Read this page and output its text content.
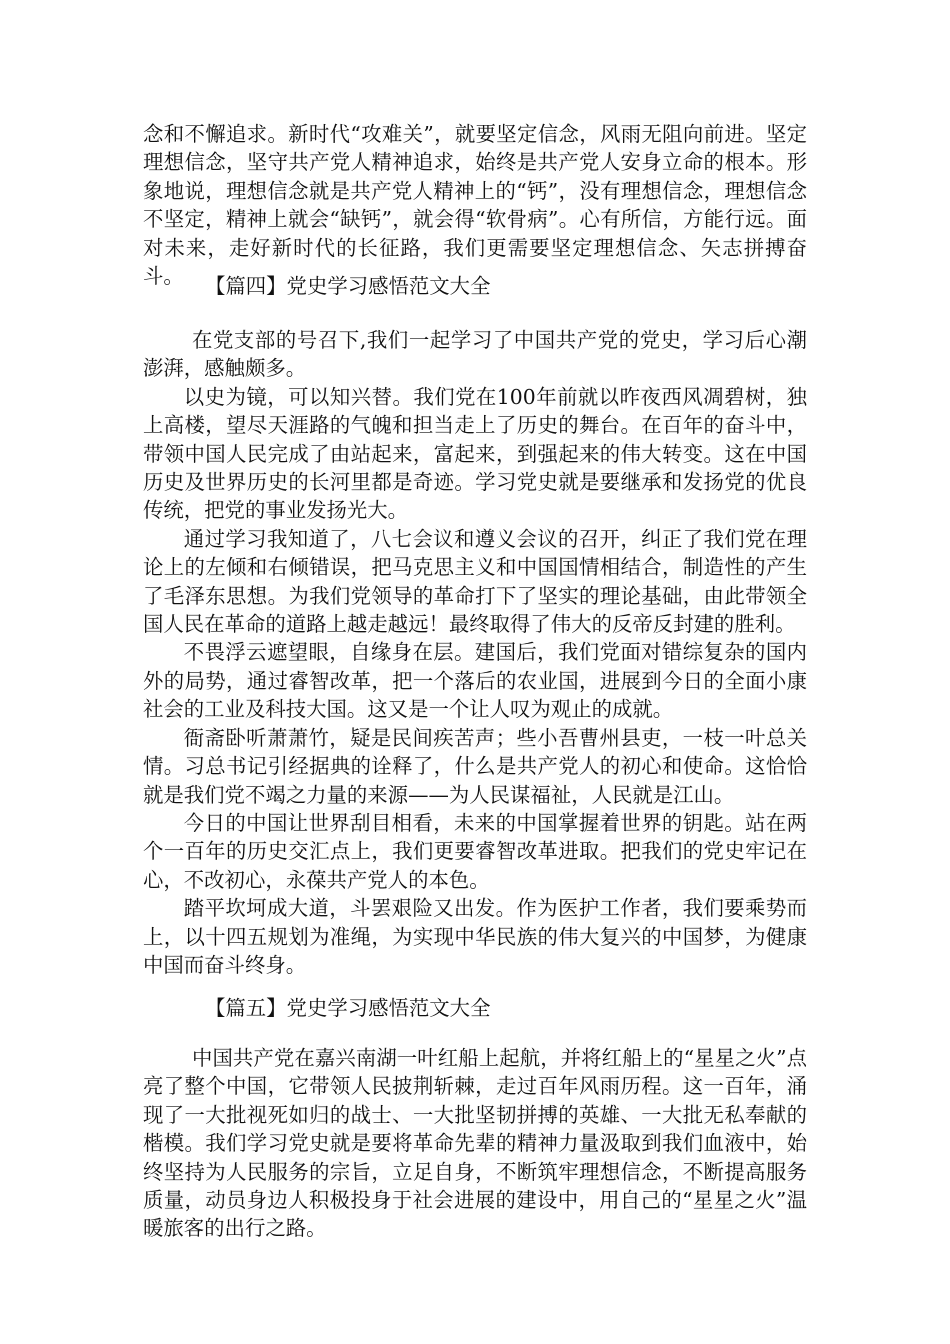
念和不懈追求。新时代“攻难关”，就要坚定信念，风雨无阻向前进。坚定理想信念，坚守共产党人精神追求，始终是共产党人安身立命的根本。形象地说，理想信念就是共产党人精神上的“钙”，没有理想信念，理想信念不坚定，精神上就会“缺钙”，就会得“软骨病”。心有所信，方能行远。面对未来，走好新时代的长征路，我们更需要坚定理想信念、矢志拼搏奋斗。	【篇四】党史学习感悟范文大全

在党支部的号召下,我们一起学习了中国共产党的党史，学习后心潮澎湃，感触颇多。

以史为镜，可以知兴替。我们党在100年前就以昨夜西风凋碧树，独上高楼，望尽天涯路的气魄和担当走上了历史的舞台。在百年的奋斗中，带领中国人民完成了由站起来，富起来，到强起来的伟大转变。这在中国历史及世界历史的长河里都是奇迹。学习党史就是要继承和发扬党的优良传统，把党的事业发扬光大。

通过学习我知道了，八七会议和遵义会议的召开，纠正了我们党在理论上的左倾和右倾错误，把马克思主义和中国国情相结合，制造性的产生了毛泽东思想。为我们党领导的革命打下了坚实的理论基础，由此带领全国人民在革命的道路上越走越远！最终取得了伟大的反帝反封建的胜利。

不畏浮云遮望眼，自缘身在层。建国后，我们党面对错综复杂的国内外的局势，通过睿智改革，把一个落后的农业国，进展到今日的全面小康社会的工业及科技大国。这又是一个让人叹为观止的成就。

衙斋卧听萧萧竹，疑是民间疾苦声；些小吾曹州县吏，一枝一叶总关情。习总书记引经据典的诠释了，什么是共产党人的初心和使命。这恰恰就是我们党不竭之力量的来源——为人民谋福祉，人民就是江山。

今日的中国让世界刮目相看，未来的中国掌握着世界的钥匙。站在两个一百年的历史交汇点上，我们更要睿智改革进取。把我们的党史牢记在心，不改初心，永葆共产党人的本色。

踏平坎坷成大道，斗罢艰险又出发。作为医护工作者，我们要乘势而上，以十四五规划为准绳，为实现中华民族的伟大复兴的中国梦，为健康中国而奋斗终身。

【篇五】党史学习感悟范文大全

中国共产党在嘉兴南湖一叶红船上起航，并将红船上的“星星之火”点亮了整个中国，它带领人民披荆斩棘，走过百年风雨历程。这一百年，涌现了一大批视死如归的战士、一大批坚韧拼搏的英雄、一大批无私奉献的楷模。我们学习党史就是要将革命先辈的精神力量汲取到我们血液中，始终坚持为人民服务的宗旨，立足自身，不断筑牢理想信念，不断提高服务质量，动员身边人积极投身于社会进展的建设中，用自己的“星星之火”温暖旅客的出行之路。
